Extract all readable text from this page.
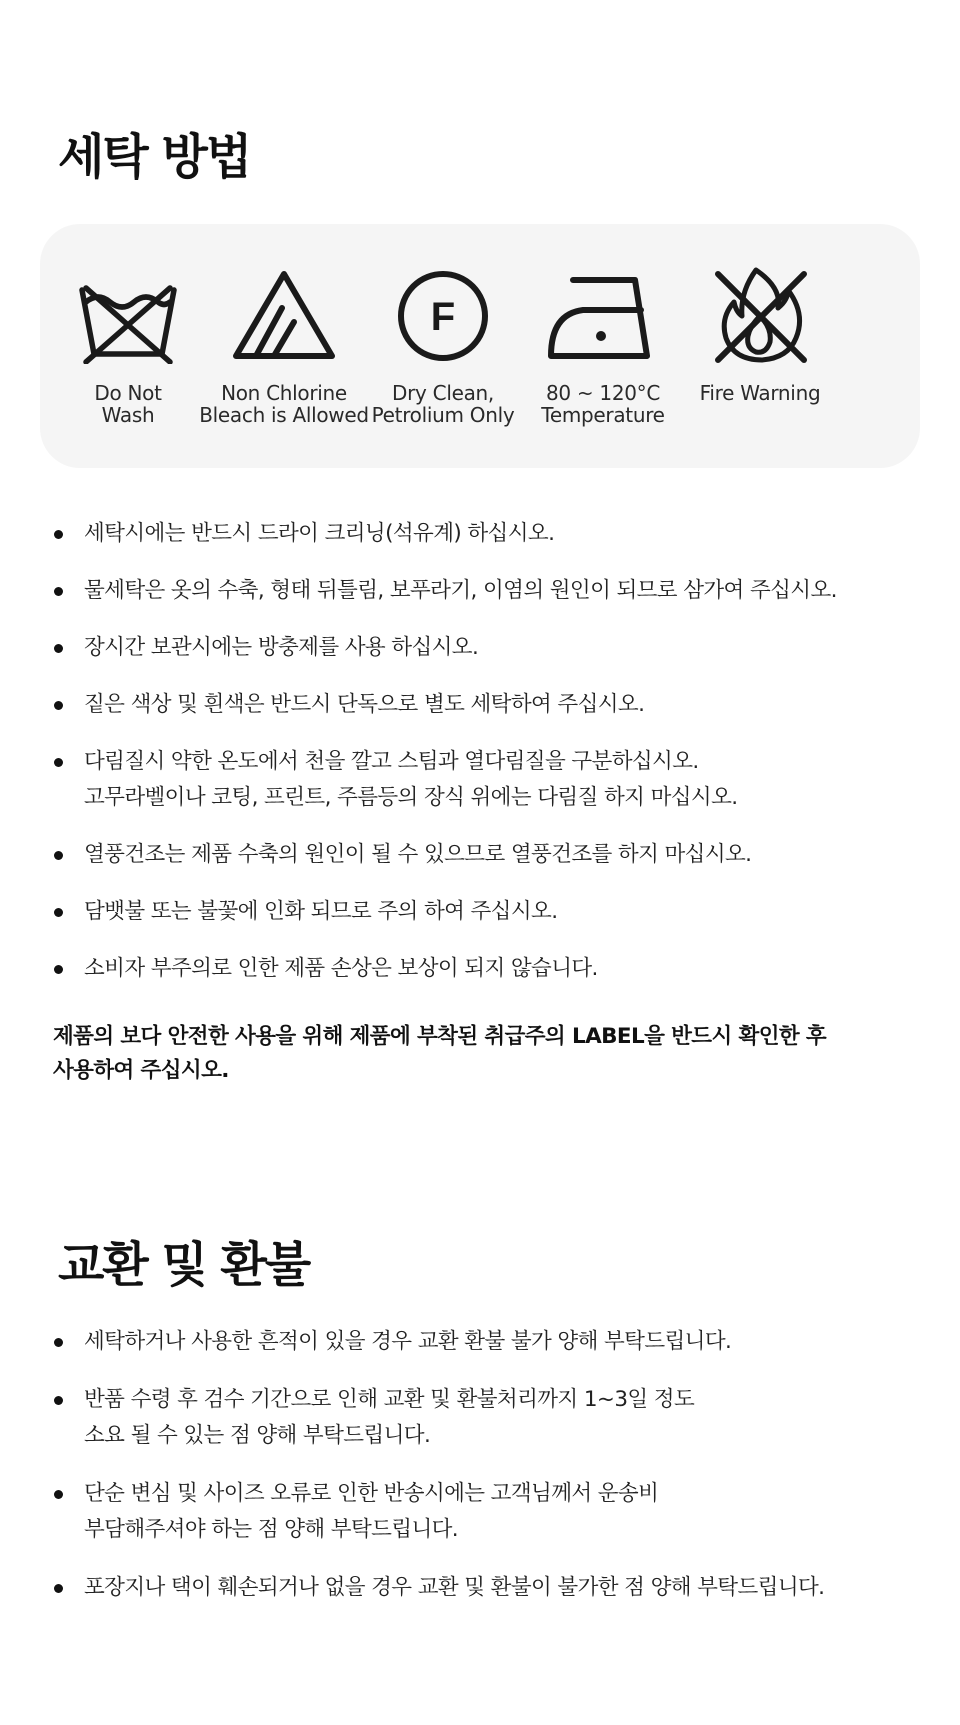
세탁 방법
Do Not
Wash
Non Chlorine
Bleach is Allowed
F
Dry Clean,
Petrolium Only
80 ~ 120°C
Temperature
Fire Warning
세탁시에는 반드시 드라이 크리닝(석유계) 하십시오.
물세탁은 옷의 수축, 형태 뒤틀림, 보푸라기, 이염의 원인이 되므로 삼가여 주십시오.
장시간 보관시에는 방충제를 사용 하십시오.
짙은 색상 및 흰색은 반드시 단독으로 별도 세탁하여 주십시오.
다림질시 약한 온도에서 천을 깔고 스팀과 열다림질을 구분하십시오.
고무라벨이나 코팅, 프린트, 주름등의 장식 위에는 다림질 하지 마십시오.
열풍건조는 제품 수축의 원인이 될 수 있으므로 열풍건조를 하지 마십시오.
담뱃불 또는 불꽃에 인화 되므로 주의 하여 주십시오.
소비자 부주의로 인한 제품 손상은 보상이 되지 않습니다.

제품의 보다 안전한 사용을 위해 제품에 부착된 취급주의 LABEL을 반드시 확인한 후
사용하여 주십시오.

교환 및 환불
세탁하거나 사용한 흔적이 있을 경우 교환 환불 불가 양해 부탁드립니다.
반품 수령 후 검수 기간으로 인해 교환 및 환불처리까지 1~3일 정도
소요 될 수 있는 점 양해 부탁드립니다.
단순 변심 및 사이즈 오류로 인한 반송시에는 고객님께서 운송비
부담해주셔야 하는 점 양해 부탁드립니다.
포장지나 택이 훼손되거나 없을 경우 교환 및 환불이 불가한 점 양해 부탁드립니다.
